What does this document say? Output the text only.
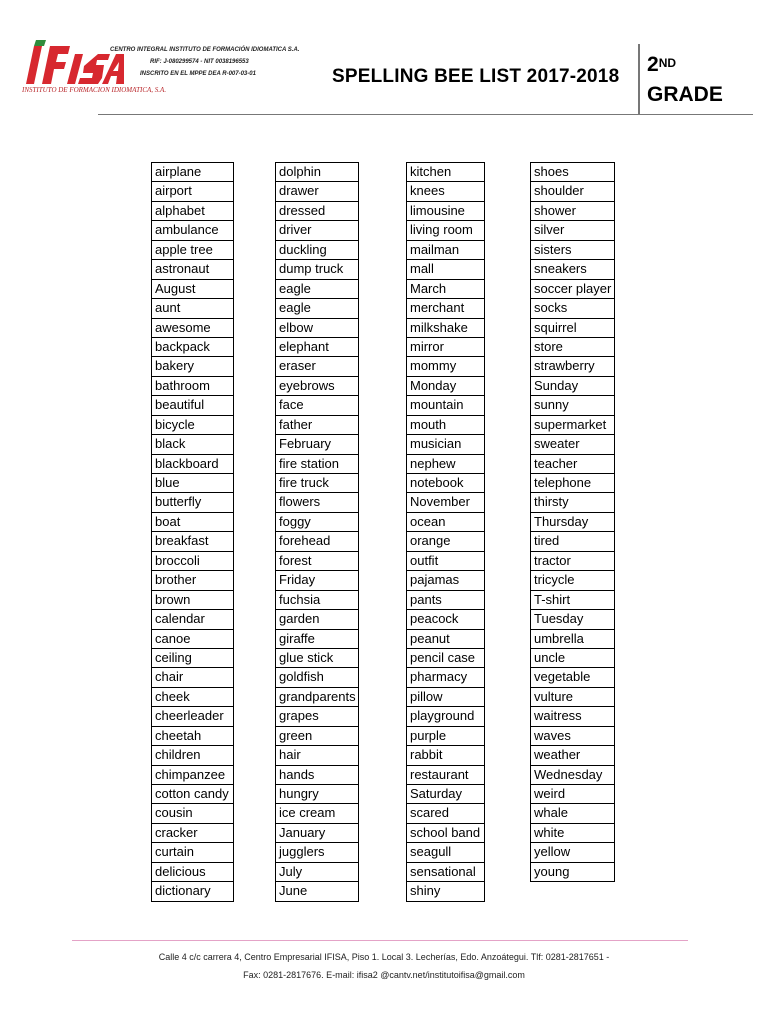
CENTRO INTEGRAL INSTITUTO DE FORMACIÓN IDIOMATICA S.A.
RIF: J-080299574 - NIT 0038196553
INSCRITO EN EL MPPE DEA R-007-03-01
INSTITUTO DE FORMACION IDIOMATICA, S.A.
SPELLING BEE LIST 2017-2018
2ND
GRADE
airplane
airport
alphabet
ambulance
apple tree
astronaut
August
aunt
awesome
backpack
bakery
bathroom
beautiful
bicycle
black
blackboard
blue
butterfly
boat
breakfast
broccoli
brother
brown
calendar
canoe
ceiling
chair
cheek
cheerleader
cheetah
children
chimpanzee
cotton candy
cousin
cracker
curtain
delicious
dictionary
dolphin
drawer
dressed
driver
duckling
dump truck
eagle
eagle
elbow
elephant
eraser
eyebrows
face
father
February
fire station
fire truck
flowers
foggy
forehead
forest
Friday
fuchsia
garden
giraffe
glue stick
goldfish
grandparents
grapes
green
hair
hands
hungry
ice cream
January
jugglers
July
June
kitchen
knees
limousine
living room
mailman
mall
March
merchant
milkshake
mirror
mommy
Monday
mountain
mouth
musician
nephew
notebook
November
ocean
orange
outfit
pajamas
pants
peacock
peanut
pencil case
pharmacy
pillow
playground
purple
rabbit
restaurant
Saturday
scared
school band
seagull
sensational
shiny
shoes
shoulder
shower
silver
sisters
sneakers
soccer player
socks
squirrel
store
strawberry
Sunday
sunny
supermarket
sweater
teacher
telephone
thirsty
Thursday
tired
tractor
tricycle
T-shirt
Tuesday
umbrella
uncle
vegetable
vulture
waitress
waves
weather
Wednesday
weird
whale
white
yellow
young
Calle 4 c/c carrera 4, Centro Empresarial IFISA, Piso 1. Local 3. Lecherías, Edo. Anzoátegui. Tlf: 0281-2817651 -
Fax: 0281-2817676. E-mail: ifisa2 @cantv.net/institutoifisa@gmail.com
